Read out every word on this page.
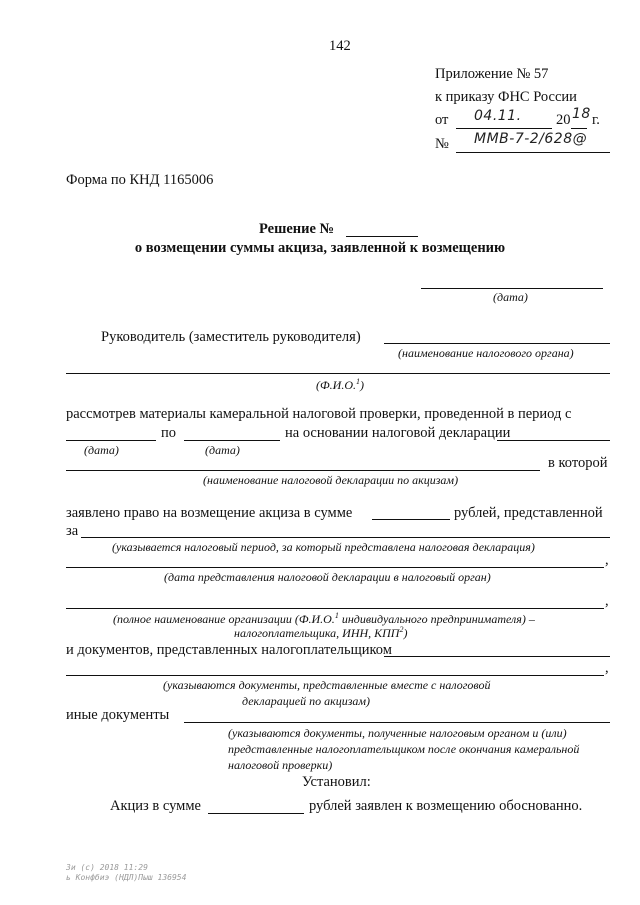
142
Приложение № 57
к приказу ФНС России
от 04.11. 20 18 г.
№ ММВ-7-2/628@
Форма по КНД 1165006
Решение №
о возмещении суммы акциза, заявленной к возмещению
(дата)
Руководитель (заместитель руководителя)
(наименование налогового органа)
(Ф.И.О.$^1$)
рассмотрев материалы камеральной налоговой проверки, проведенной в период с
по	на основании налоговой декларации
(дата)	(дата)
в которой
(наименование налоговой декларации по акцизам)
заявлено право на возмещение акциза в сумме	рублей, представленной
за
(указывается налоговый период, за который представлена налоговая декларация)
,
(дата представления налоговой декларации в налоговый орган)
,
(полное наименование организации (Ф.И.О.$^1$ индивидуального предпринимателя) –
налогоплательщика, ИНН, КПП$^2$)
и документов, представленных налогоплательщиком
,
(указываются документы, представленные вместе с налоговой
декларацией по акцизам)
иные документы
(указываются документы, полученные налоговым органом и (или)
представленные налогоплательщиком после окончания камеральной
налоговой проверки)
Установил:
Акциз в сумме	рублей заявлен к возмещению обоснованно.
Зи (с) 2018 11:29
ь Конфбиэ (НДЛ)Пыш 136954
